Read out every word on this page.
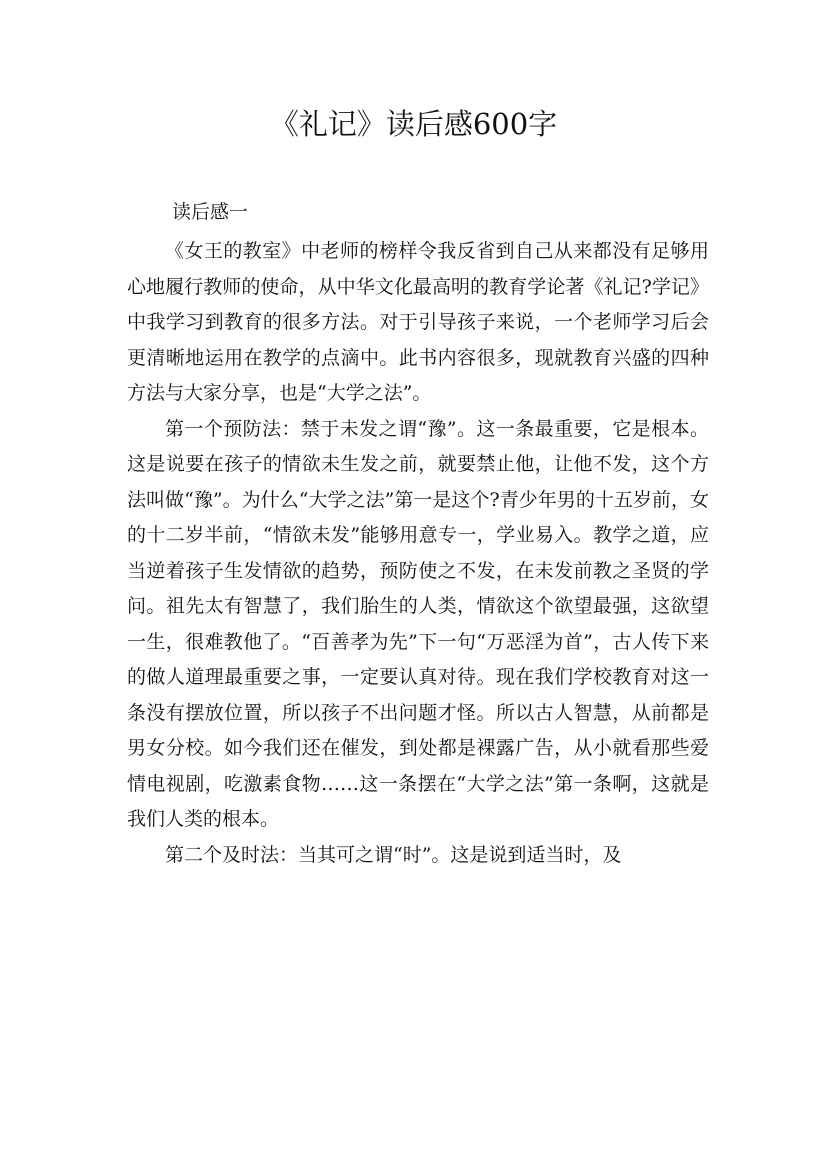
《礼记》读后感600字

读后感一

《女王的教室》中老师的榜样令我反省到自己从来都没有足够用心地履行教师的使命，从中华文化最高明的教育学论著《礼记?学记》中我学习到教育的很多方法。对于引导孩子来说，一个老师学习后会更清晰地运用在教学的点滴中。此书内容很多，现就教育兴盛的四种方法与大家分享，也是“大学之法”。

第一个预防法：禁于未发之谓“豫”。这一条最重要，它是根本。这是说要在孩子的情欲未生发之前，就要禁止他，让他不发，这个方法叫做“豫”。为什么“大学之法”第一是这个?青少年男的十五岁前，女的十二岁半前，“情欲未发”能够用意专一，学业易入。教学之道，应当逆着孩子生发情欲的趋势，预防使之不发，在未发前教之圣贤的学问。祖先太有智慧了，我们胎生的人类，情欲这个欲望最强，这欲望一生，很难教他了。“百善孝为先”下一句“万恶淫为首”，古人传下来的做人道理最重要之事，一定要认真对待。现在我们学校教育对这一条没有摆放位置，所以孩子不出问题才怪。所以古人智慧，从前都是男女分校。如今我们还在催发，到处都是裸露广告，从小就看那些爱情电视剧，吃激素食物……这一条摆在“大学之法”第一条啊，这就是我们人类的根本。

第二个及时法：当其可之谓“时”。这是说到适当时，及
